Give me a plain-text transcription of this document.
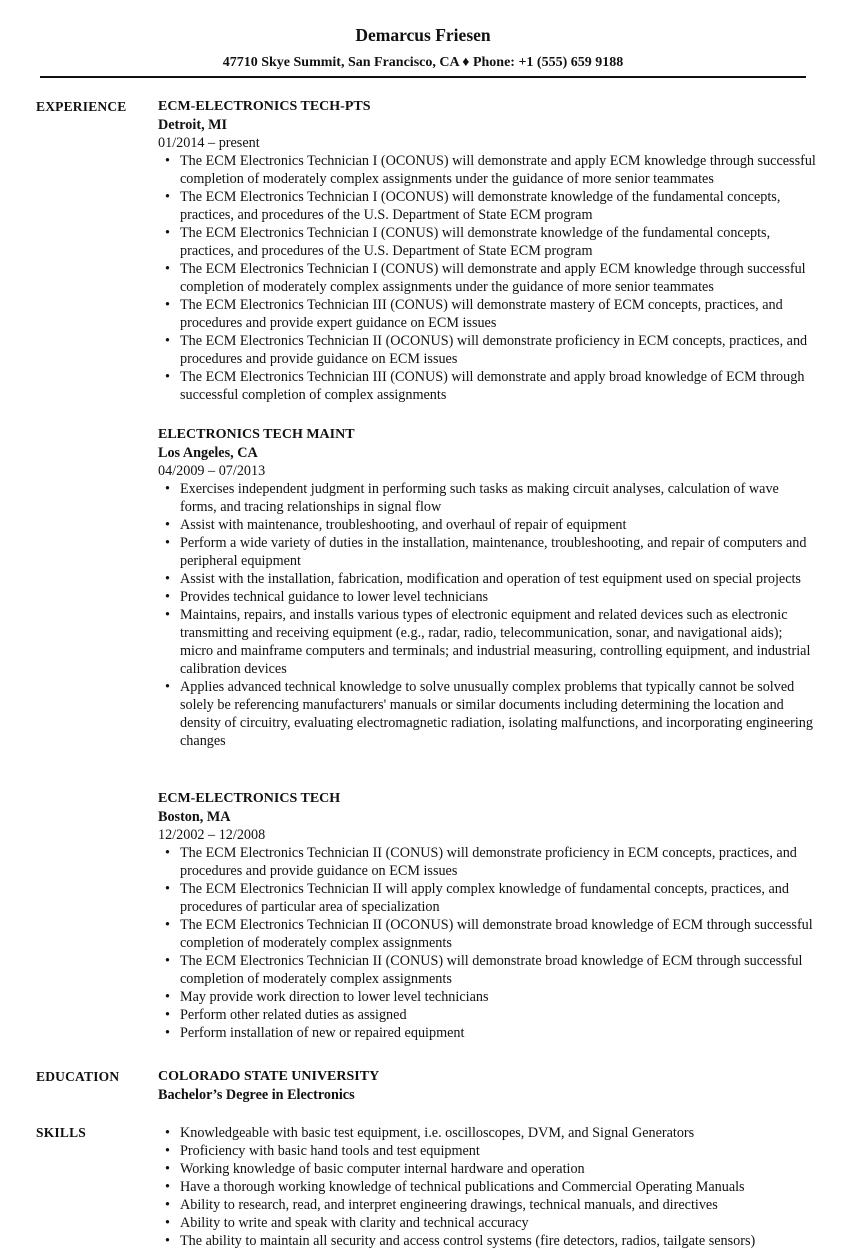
Demarcus Friesen
47710 Skye Summit, San Francisco, CA ♦ Phone: +1 (555) 659 9188
EXPERIENCE ECM-ELECTRONICS TECH-PTS
Detroit, MI
01/2014 – present
• The ECM Electronics Technician I (OCONUS) will demonstrate and apply ECM knowledge through successful completion of moderately complex assignments under the guidance of more senior teammates
• The ECM Electronics Technician I (OCONUS) will demonstrate knowledge of the fundamental concepts, practices, and procedures of the U.S. Department of State ECM program
• The ECM Electronics Technician I (CONUS) will demonstrate knowledge of the fundamental concepts, practices, and procedures of the U.S. Department of State ECM program
• The ECM Electronics Technician I (CONUS) will demonstrate and apply ECM knowledge through successful completion of moderately complex assignments under the guidance of more senior teammates
• The ECM Electronics Technician III (CONUS) will demonstrate mastery of ECM concepts, practices, and procedures and provide expert guidance on ECM issues
• The ECM Electronics Technician II (OCONUS) will demonstrate proficiency in ECM concepts, practices, and procedures and provide guidance on ECM issues
• The ECM Electronics Technician III (CONUS) will demonstrate and apply broad knowledge of ECM through successful completion of complex assignments
ELECTRONICS TECH MAINT
Los Angeles, CA
04/2009 – 07/2013
• Exercises independent judgment in performing such tasks as making circuit analyses, calculation of wave forms, and tracing relationships in signal flow
• Assist with maintenance, troubleshooting, and overhaul of repair of equipment
• Perform a wide variety of duties in the installation, maintenance, troubleshooting, and repair of computers and peripheral equipment
• Assist with the installation, fabrication, modification and operation of test equipment used on special projects
• Provides technical guidance to lower level technicians
• Maintains, repairs, and installs various types of electronic equipment and related devices such as electronic transmitting and receiving equipment (e.g., radar, radio, telecommunication, sonar, and navigational aids); micro and mainframe computers and terminals; and industrial measuring, controlling equipment, and industrial calibration devices
• Applies advanced technical knowledge to solve unusually complex problems that typically cannot be solved solely be referencing manufacturers' manuals or similar documents including determining the location and density of circuitry, evaluating electromagnetic radiation, isolating malfunctions, and incorporating engineering changes
ECM-ELECTRONICS TECH
Boston, MA
12/2002 – 12/2008
• The ECM Electronics Technician II (CONUS) will demonstrate proficiency in ECM concepts, practices, and procedures and provide guidance on ECM issues
• The ECM Electronics Technician II will apply complex knowledge of fundamental concepts, practices, and procedures of particular area of specialization
• The ECM Electronics Technician II (OCONUS) will demonstrate broad knowledge of ECM through successful completion of moderately complex assignments
• The ECM Electronics Technician II (CONUS) will demonstrate broad knowledge of ECM through successful completion of moderately complex assignments
• May provide work direction to lower level technicians
• Perform other related duties as assigned
• Perform installation of new or repaired equipment
EDUCATION	COLORADO STATE UNIVERSITY
Bachelor’s Degree in Electronics
SKILLS
•	Knowledgeable with basic test equipment, i.e. oscilloscopes, DVM, and Signal Generators
• Proficiency with basic hand tools and test equipment
• Working knowledge of basic computer internal hardware and operation
• Have a thorough working knowledge of technical publications and Commercial Operating Manuals
• Ability to research, read, and interpret engineering drawings, technical manuals, and directives
• Ability to write and speak with clarity and technical accuracy
• The ability to maintain all security and access control systems (fire detectors, radios, tailgate sensors)
